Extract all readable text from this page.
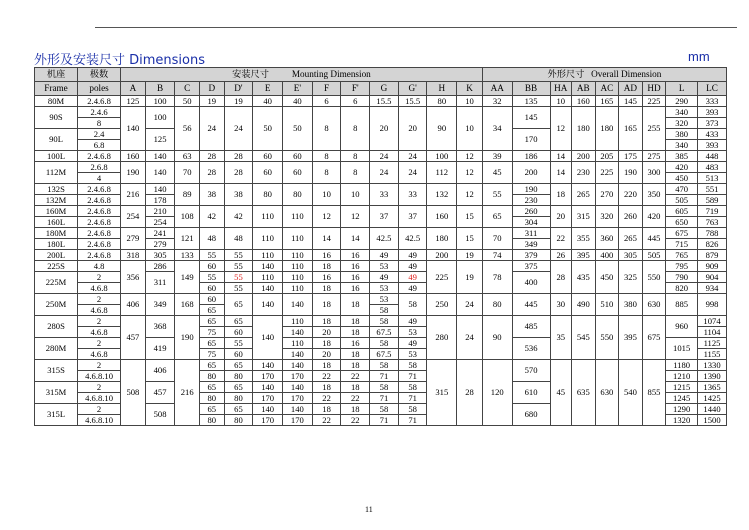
外形及安装尺寸 Dimensions	mm
机座	极数	安装尺寸 Mounting Dimension													外形尺寸 Overall Dimension								
Frame	poles	A	B	C	D	D'	E	E'	F	F'	G	G'	H	K	AA	BB	HA	AB	AC	AD	HD	L	LC
80M	2.4.6.8	125	100	50	19	19	40	40	6	6	15.5	15.5	80	10	32	135	10	160	165	145	225	290	333
90S	2.4.6	140	100	56	24	24	50	50	8	8	20	20	90	10	34	145	12	180	180	165	255	340	393
	8																					320	373
90L	2.4		125													170						380	433
	6.8																					340	393
100L	2.4.6.8	160	140	63	28	28	60	60	8	8	24	24	100	12	39	186	14	200	205	175	275	385	448
112M	2.6.8	190	140	70	28	28	60	60	8	8	24	24	112	12	45	200	14	230	225	190	300	420	483
	4																					450	513
132S	2.4.6.8	216	140	89	38	38	80	80	10	10	33	33	132	12	55	190	18	265	270	220	350	470	551
132M	2.4.6.8		178													230						505	589
160M	2.4.6.8	254	210	108	42	42	110	110	12	12	37	37	160	15	65	260	20	315	320	260	420	605	719
160L	2.4.6.8		254													304						650	763
180M	2.4.6.8	279	241	121	48	48	110	110	14	14	42.5	42.5	180	15	70	311	22	355	360	265	445	675	788
180L	2.4.6.8		279													349						715	826
200L	2.4.6.8	318	305	133	55	55	110	110	16	16	49	49	200	19	74	379	26	395	400	305	505	765	879
225S	4.8	356	286	149	60	55	140	110	18	16	53	49	225	19	78	375	28	435	450	325	550	795	909
225M	2		311		55	55	110	110	16	16	49	49				400						790	904
	4.6.8				60	55	140	110	18	16	53	49										820	934
250M	2	406	349	168	60	65	140	140	18	18	53	58	250	24	80	445	30	490	510	380	630	885	998
	4.6.8				65						58												
280S	2	457	368	190	65	65	140	110	18	18	58	49	280	24	90	485	35	545	550	395	675	960	1074
	4.6.8				75	60		140	20	18	67.5	53											1104
280M	2		419		65	55		110	18	16	58	49				536						1015	1125
	4.6.8				75	60		140	20	18	67.5	53											1155
315S	2	508	406	216	65	65	140	140	18	18	58	58	315	28	120	570	45	635	630	540	855	1180	1330
	4.6.8.10				80	80	170	170	22	22	71	71										1210	1390
315M	2		457		65	65	140	140	18	18	58	58				610						1215	1365
	4.6.8.10				80	80	170	170	22	22	71	71										1245	1425
315L	2		508		65	65	140	140	18	18	58	58				680						1290	1440
	4.6.8.10				80	80	170	170	22	22	71	71										1320	1500
11
